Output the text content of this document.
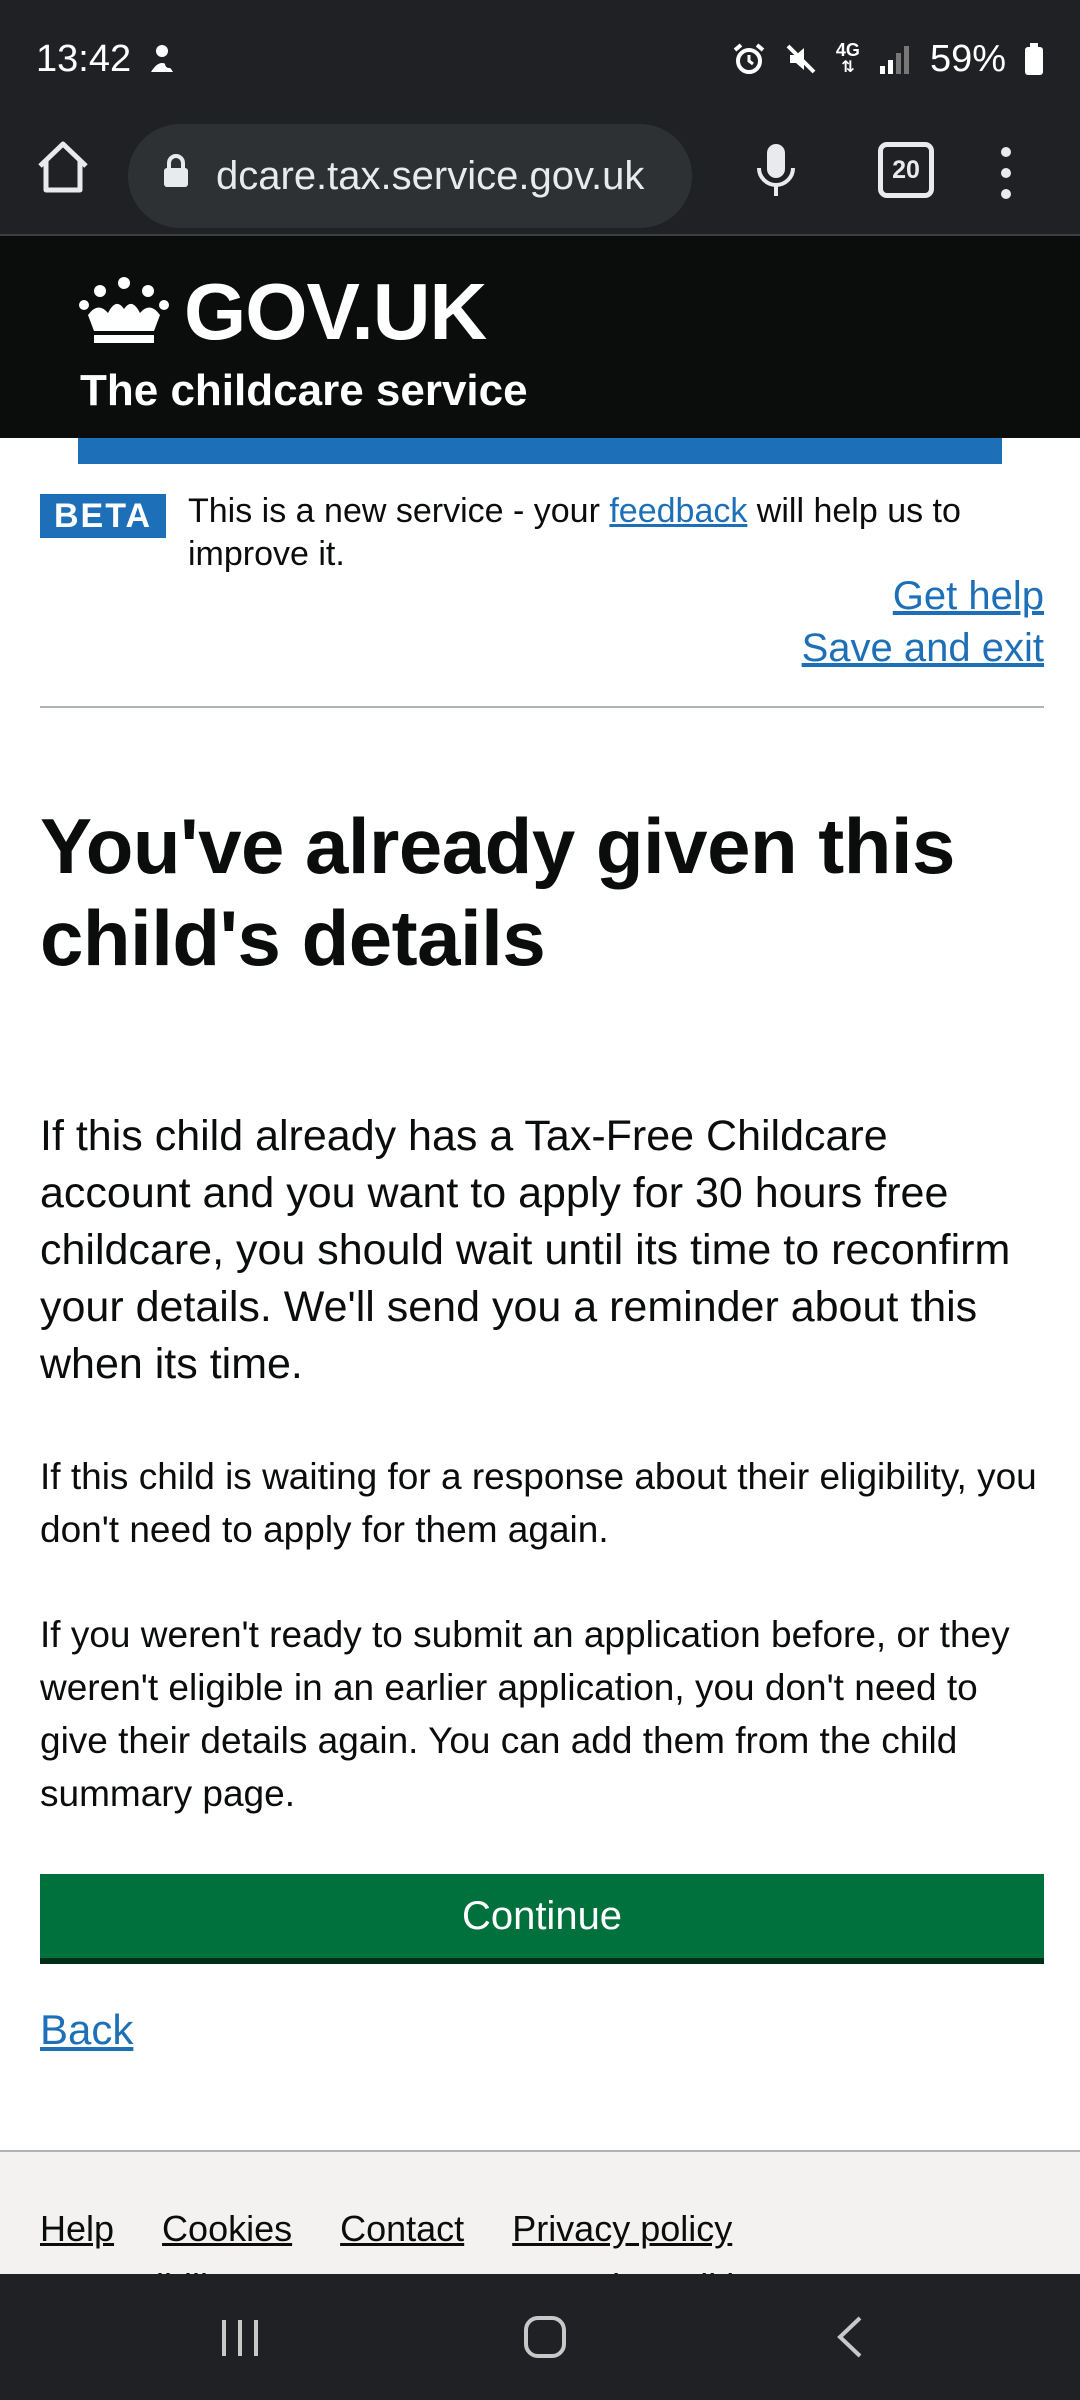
13:42	4G
⇅ 59%
dcare.tax.service.gov.uk	20
GOV.UK
The childcare service
BETA	This is a new service - your feedback will help us to improve it.
Get help
Save and exit
You've already given this child's details

If this child already has a Tax-Free Childcare account and you want to apply for 30 hours free childcare, you should wait until its time to reconfirm your details. We'll send you a reminder about this when its time.

If this child is waiting for a response about their eligibility, you don't need to apply for them again.

If you weren't ready to submit an application before, or they weren't eligible in an earlier application, you don't need to give their details again. You can add them from the child summary page.

Continue
Back
Help Cookies Contact Privacy policy
